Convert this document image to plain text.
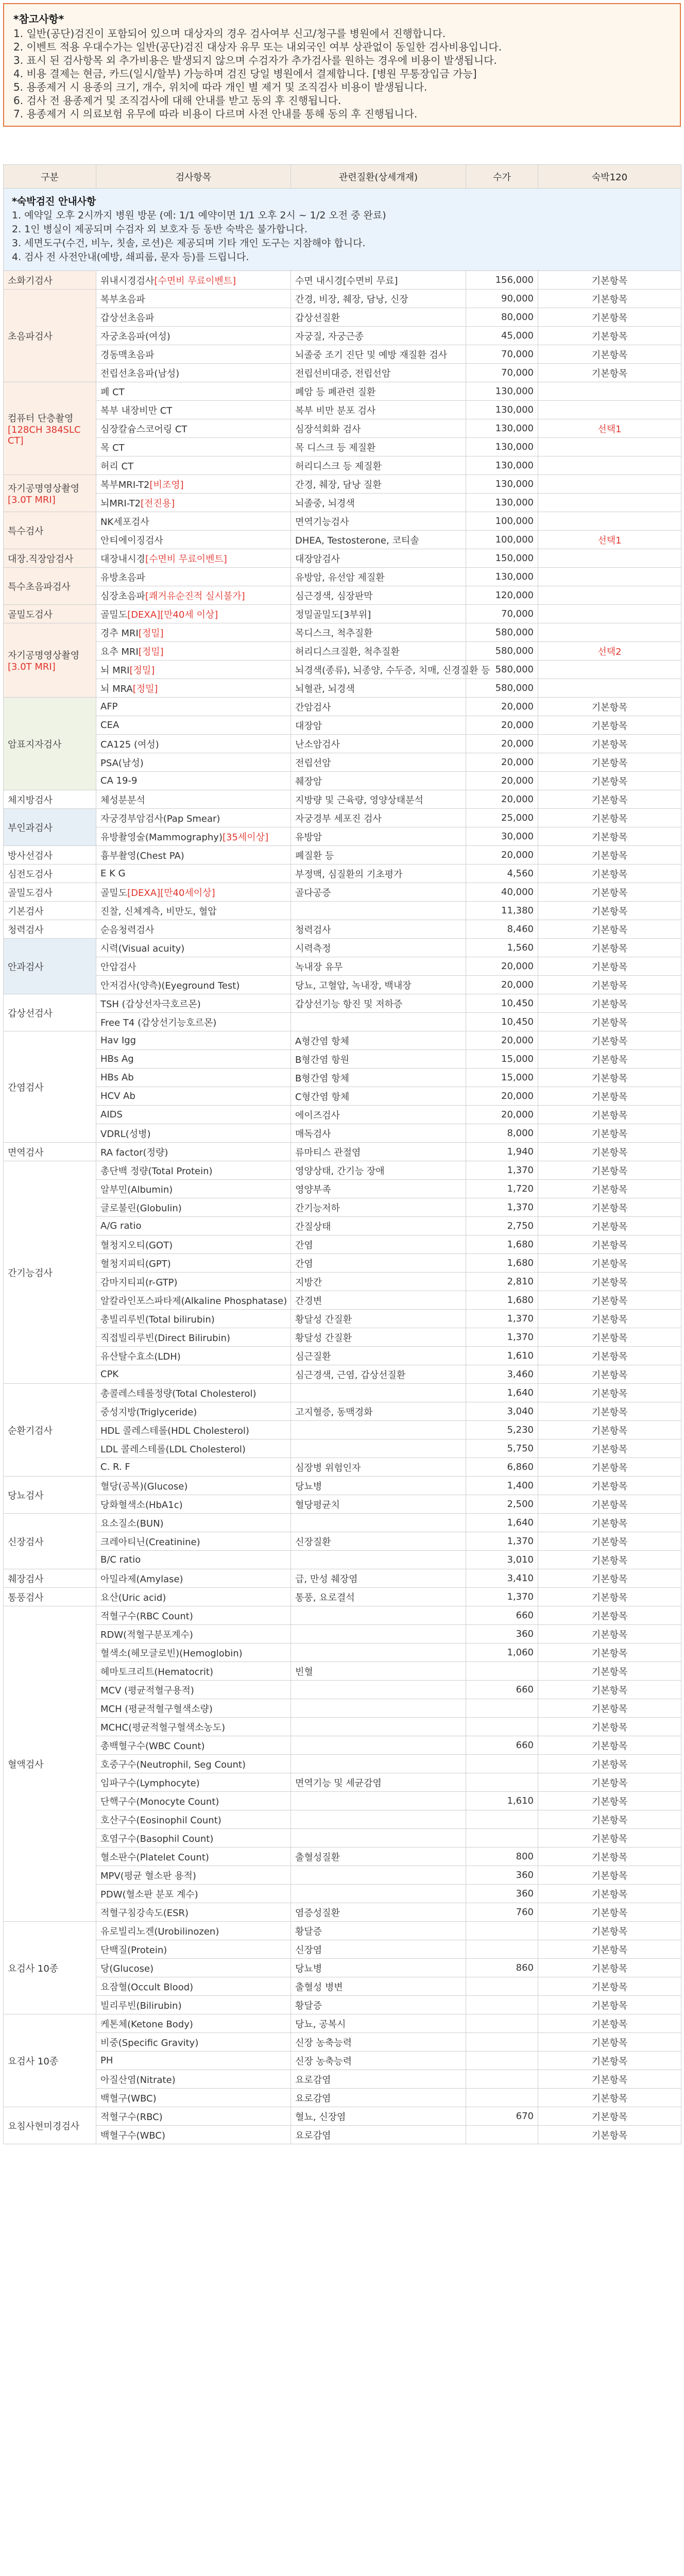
*참고사항*
1. 일반(공단)검진이 포함되어 있으며 대상자의 경우 검사여부 신고/청구를 병원에서 진행합니다.
2. 이벤트 적용 우대수가는 일반(공단)검진 대상자 유무 또는 내외국인 여부 상관없이 동일한 검사비용입니다.
3. 표시 된 검사항목 외 추가비용은 발생되지 않으며 수검자가 추가검사를 원하는 경우에 비용이 발생됩니다.
4. 비용 결제는 현금, 카드(일시/할부) 가능하며 검진 당일 병원에서 결제합니다. [병원 무통장입금 가능]
5. 용종제거 시 용종의 크기, 개수, 위치에 따라 개인 별 제거 및 조직검사 비용이 발생됩니다.
6. 검사 전 용종제거 및 조직검사에 대해 안내를 받고 동의 후 진행됩니다.
7. 용종제거 시 의료보험 유무에 따라 비용이 다르며 사전 안내를 통해 동의 후 진행됩니다.
구분	검사항목	관련질환(상세개재)	수가	숙박120

*숙박검진 안내사항
1. 예약일 오후 2시까지 병원 방문 (예: 1/1 예약이면 1/1 오후 2시 ~ 1/2 오전 중 완료)
2. 1인 병실이 제공되며 수검자 외 보호자 등 동반 숙박은 불가합니다.
3. 세면도구(수건, 비누, 칫솔, 로션)은 제공되며 기타 개인 도구는 지참해야 합니다.
4. 검사 전 사전안내(예방, 쇄피룹, 문자 등)를 드립니다.				

소화기검사	위내시경검사[수면비 무료이벤트]	수면 내시경[수면비 무료]	156,000	기본항목
초음파검사	복부초음파	간경, 비장, 췌장, 담낭, 신장	90,000	기본항목
	갑상선초음파	갑상선질환	80,000	기본항목
	자궁초음파(여성)	자궁질, 자궁근종	45,000	기본항목
	경동맥초음파	뇌졸중 조기 진단 및 예방 재질환 검사	70,000	기본항목
	전립선초음파(남성)	전립선비대증, 전립선암	70,000	기본항목
컴퓨터 단층촬영
[128CH 384SLC CT]	폐 CT	폐암 등 폐관련 질환	130,000	
	복부 내장비만 CT	복부 비만 분포 검사	130,000	
	심장칼슘스코어링 CT	심장석회화 검사	130,000	선택1
	목 CT	목 디스크 등 제질환	130,000	
	허리 CT	허리디스크 등 제질환	130,000	
자기공명영상촬영
[3.0T MRI]	복부MRI-T2[비조영]	간경, 췌장, 담낭 질환	130,000	
	뇌MRI-T2[전진용]	뇌졸중, 뇌경색	130,000	
특수검사	NK세포검사	면역기능검사	100,000	
	안티에이징검사	DHEA, Testosterone, 코티솔	100,000	선택1
대장.직장암검사	대장내시경[수면비 무료이벤트]	대장암검사	150,000	
특수초음파검사	유방초음파	유방암, 유선암 제질환	130,000	
	심장초음파[쾌거유순진적 실시불가]	심근경색, 심장판막	120,000	
골밀도검사	골밀도[DEXA][만40세 이상]	정밀골밀도[3부위]	70,000	
자기공명영상촬영
[3.0T MRI]	경추 MRI[정밀]	목디스크, 척추질환	580,000	
	요추 MRI[정밀]	허리디스크질환, 척추질환	580,000	선택2
	뇌 MRI[정밀]	뇌경색(종류), 뇌종양, 수두증, 치매, 신경질환 등	580,000	
	뇌 MRA[정밀]	뇌혈관, 뇌경색	580,000	
암표지자검사	AFP	간암검사	20,000	기본항목
	CEA	대장암	20,000	기본항목
	CA125 (여성)	난소암검사	20,000	기본항목
	PSA(남성)	전립선암	20,000	기본항목
	CA 19-9	췌장암	20,000	기본항목
체지방검사	체성분분석	지방량 및 근육량, 영양상태분석	20,000	기본항목
부인과검사	자궁경부암검사(Pap Smear)	자궁경부 세포진 검사	25,000	기본항목
	유방촬영술(Mammography)[35세이상]	유방암	30,000	기본항목
방사선검사	흉부촬영(Chest PA)	폐질환 등	20,000	기본항목
심전도검사	E K G	부정맥, 심질환의 기초평가	4,560	기본항목
골밀도검사	골밀도[DEXA][만40세이상]	골다공증	40,000	기본항목
기본검사	진찰, 신체계측, 비만도, 혈압		11,380	기본항목
청력검사	순음청력검사	청력검사	8,460	기본항목
안과검사	시력(Visual acuity)	시력측정	1,560	기본항목
	안압검사	녹내장 유무	20,000	기본항목
	안저검사(양측)(Eyeground Test)	당뇨, 고혈압, 녹내장, 백내장	20,000	기본항목
갑상선검사	TSH (갑상선자극호르몬)	갑상선기능 항진 및 저하증	10,450	기본항목
	Free T4 (갑상선기능호르몬)		10,450	기본항목
간염검사	Hav Igg	A형간염 항체	20,000	기본항목
	HBs Ag	B형간염 항원	15,000	기본항목
	HBs Ab	B형간염 항체	15,000	기본항목
	HCV Ab	C형간염 항체	20,000	기본항목
	AIDS	에이즈검사	20,000	기본항목
	VDRL(성병)	매독검사	8,000	기본항목
면역검사	RA factor(정량)	류마티스 관절염	1,940	기본항목
간기능검사	총단백 정량(Total Protein)	영양상태, 간기능 장애	1,370	기본항목
	알부민(Albumin)	영양부족	1,720	기본항목
	글로불린(Globulin)	간기능저하	1,370	기본항목
	A/G ratio	간질상태	2,750	기본항목
	혈청지오티(GOT)	간염	1,680	기본항목
	혈청지피티(GPT)	간염	1,680	기본항목
	감마지티피(r-GTP)	지방간	2,810	기본항목
	알칼라인포스파타제(Alkaline Phosphatase)	간경변	1,680	기본항목
	총빌리루빈(Total bilirubin)	황달성 간질환	1,370	기본항목
	직접빌리루빈(Direct Bilirubin)	황달성 간질환	1,370	기본항목
	유산탈수효소(LDH)	심근질환	1,610	기본항목
	CPK	심근경색, 근염, 갑상선질환	3,460	기본항목
순환기검사	총콜레스테롤정량(Total Cholesterol)		1,640	기본항목
	중성지방(Triglyceride)	고지혈증, 동맥경화	3,040	기본항목
	HDL 콜레스테롤(HDL Cholesterol)		5,230	기본항목
	LDL 콜레스테롤(LDL Cholesterol)		5,750	기본항목
	C. R. F	심장병 위험인자	6,860	기본항목
당뇨검사	혈당(공복)(Glucose)	당뇨병	1,400	기본항목
	당화혈색소(HbA1c)	혈당평균치	2,500	기본항목
신장검사	요소질소(BUN)		1,640	기본항목
	크레아티닌(Creatinine)	신장질환	1,370	기본항목
	B/C ratio		3,010	기본항목
췌장검사	아밀라제(Amylase)	급, 만성 췌장염	3,410	기본항목
통풍검사	요산(Uric acid)	통풍, 요로결석	1,370	기본항목
혈액검사	적혈구수(RBC Count)		660	기본항목
	RDW(적혈구분포계수)		360	기본항목
	혈색소(헤모글로빈)(Hemoglobin)		1,060	기본항목
	헤마토크리트(Hematocrit)	빈혈		기본항목
	MCV (평균적혈구용적)		660	기본항목
	MCH (평균적혈구혈색소량)			기본항목
	MCHC(평균적혈구혈색소농도)			기본항목
	총백혈구수(WBC Count)		660	기본항목
	호중구수(Neutrophil, Seg Count)			기본항목
	임파구수(Lymphocyte)	면역기능 및 세균감염		기본항목
	단핵구수(Monocyte Count)		1,610	기본항목
	호산구수(Eosinophil Count)			기본항목
	호염구수(Basophil Count)			기본항목
	혈소판수(Platelet Count)	출혈성질환	800	기본항목
	MPV(평균 혈소판 용적)		360	기본항목
	PDW(혈소판 분포 계수)		360	기본항목
	적혈구침강속도(ESR)	염증성질환	760	기본항목
요검사 10종	유로빌리노겐(Urobilinozen)	황달증		기본항목
	단백질(Protein)	신장염		기본항목
	당(Glucose)	당뇨병	860	기본항목
	요잠혈(Occult Blood)	출혈성 병변		기본항목
	빌리루빈(Bilirubin)	황달증		기본항목
요검사 10종	케톤체(Ketone Body)	당뇨, 공복시		기본항목
	비중(Specific Gravity)	신장 농축능력		기본항목
	PH	신장 농축능력		기본항목
	아질산염(Nitrate)	요로감염		기본항목
	백혈구(WBC)	요로감염		기본항목
요침사현미경검사	적혈구수(RBC)	혈뇨, 신장염	670	기본항목
	백혈구수(WBC)	요로감염		기본항목
